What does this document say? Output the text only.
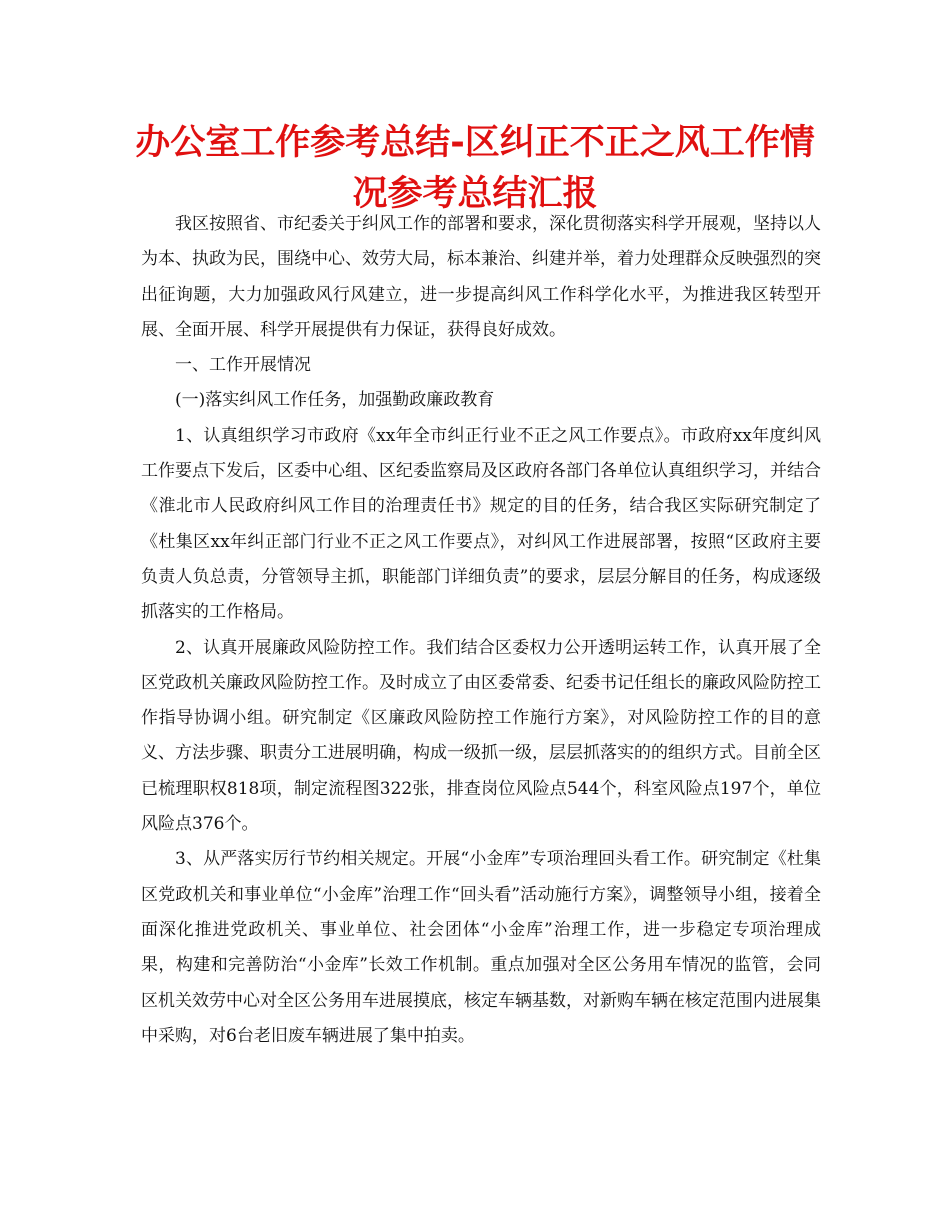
办公室工作参考总结-区纠正不正之风工作情况参考总结汇报

我区按照省、市纪委关于纠风工作的部署和要求，深化贯彻落实科学开展观，坚持以人为本、执政为民，围绕中心、效劳大局，标本兼治、纠建并举，着力处理群众反映强烈的突出征询题，大力加强政风行风建立，进一步提高纠风工作科学化水平，为推进我区转型开展、全面开展、科学开展提供有力保证，获得良好成效。

一、工作开展情况

(一)落实纠风工作任务，加强勤政廉政教育

1、认真组织学习市政府《xx年全市纠正行业不正之风工作要点》。市政府xx年度纠风工作要点下发后，区委中心组、区纪委监察局及区政府各部门各单位认真组织学习，并结合《淮北市人民政府纠风工作目的治理责任书》规定的目的任务，结合我区实际研究制定了《杜集区xx年纠正部门行业不正之风工作要点》，对纠风工作进展部署，按照“区政府主要负责人负总责，分管领导主抓，职能部门详细负责”的要求，层层分解目的任务，构成逐级抓落实的工作格局。

2、认真开展廉政风险防控工作。我们结合区委权力公开透明运转工作，认真开展了全区党政机关廉政风险防控工作。及时成立了由区委常委、纪委书记任组长的廉政风险防控工作指导协调小组。研究制定《区廉政风险防控工作施行方案》，对风险防控工作的目的意义、方法步骤、职责分工进展明确，构成一级抓一级，层层抓落实的的组织方式。目前全区已梳理职权818项，制定流程图322张，排查岗位风险点544个，科室风险点197个，单位风险点376个。

3、从严落实厉行节约相关规定。开展“小金库”专项治理回头看工作。研究制定《杜集区党政机关和事业单位“小金库”治理工作“回头看”活动施行方案》，调整领导小组，接着全面深化推进党政机关、事业单位、社会团体“小金库”治理工作，进一步稳定专项治理成果，构建和完善防治“小金库”长效工作机制。重点加强对全区公务用车情况的监管，会同区机关效劳中心对全区公务用车进展摸底，核定车辆基数，对新购车辆在核定范围内进展集中采购，对6台老旧废车辆进展了集中拍卖。
